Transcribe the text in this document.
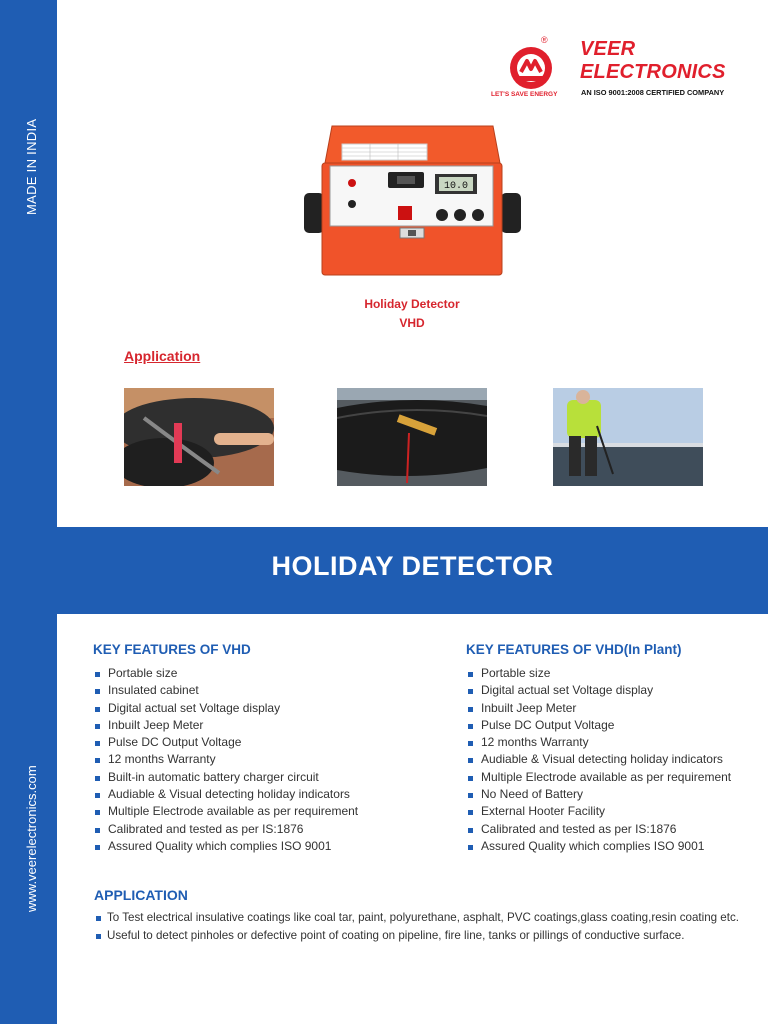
MADE IN INDIA
www.veerelectronics.com
®
LET'S SAVE ENERGY
VEER
ELECTRONICS
AN ISO 9001:2008 CERTIFIED COMPANY
10.0
Holiday Detector
VHD
Application
HOLIDAY DETECTOR
KEY FEATURES OF VHD
Portable size
Insulated cabinet
Digital actual set Voltage display
Inbuilt Jeep Meter
Pulse DC Output Voltage
12 months Warranty
Built-in automatic battery charger circuit
Audiable & Visual detecting holiday indicators
Multiple Electrode available as per requirement
Calibrated and tested as per IS:1876
Assured Quality which complies ISO 9001
KEY FEATURES OF VHD(In Plant)
Portable size
Digital actual set Voltage display
Inbuilt Jeep Meter
Pulse DC Output Voltage
12 months Warranty
Audiable & Visual detecting holiday indicators
Multiple Electrode available as per requirement
No Need of Battery
External Hooter Facility
Calibrated and tested as per IS:1876
Assured Quality which complies ISO 9001
APPLICATION
To Test electrical insulative coatings like coal tar, paint, polyurethane, asphalt, PVC coatings,glass coating,resin coating etc.
Useful to detect pinholes or defective point of coating on pipeline, fire line, tanks or pillings of conductive surface.
